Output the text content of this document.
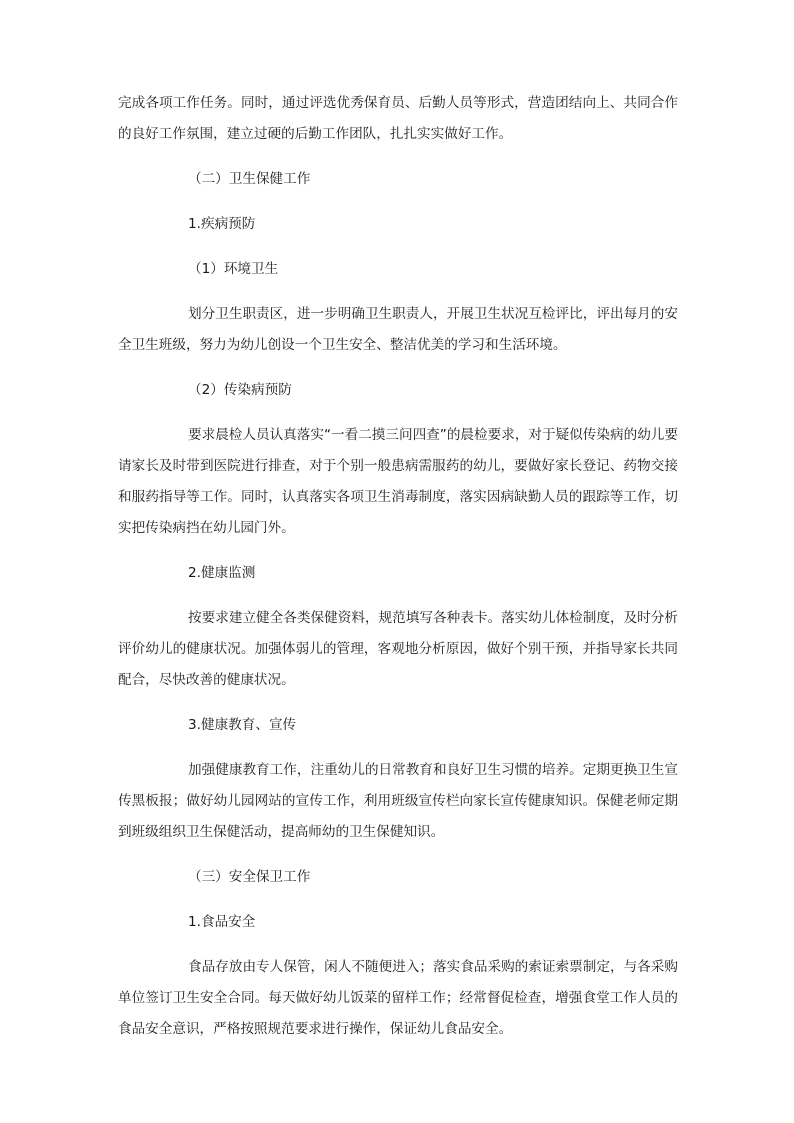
完成各项工作任务。同时，通过评选优秀保育员、后勤人员等形式，营造团结向上、共同合作的良好工作氛围，建立过硬的后勤工作团队，扎扎实实做好工作。

（二）卫生保健工作

1.疾病预防

（1）环境卫生

划分卫生职责区，进一步明确卫生职责人，开展卫生状况互检评比，评出每月的安全卫生班级，努力为幼儿创设一个卫生安全、整洁优美的学习和生活环境。

（2）传染病预防

要求晨检人员认真落实“一看二摸三问四查”的晨检要求，对于疑似传染病的幼儿要请家长及时带到医院进行排查，对于个别一般患病需服药的幼儿，要做好家长登记、药物交接和服药指导等工作。同时，认真落实各项卫生消毒制度，落实因病缺勤人员的跟踪等工作，切实把传染病挡在幼儿园门外。

2.健康监测

按要求建立健全各类保健资料，规范填写各种表卡。落实幼儿体检制度，及时分析评价幼儿的健康状况。加强体弱儿的管理，客观地分析原因，做好个别干预，并指导家长共同配合，尽快改善的健康状况。

3.健康教育、宣传

加强健康教育工作，注重幼儿的日常教育和良好卫生习惯的培养。定期更换卫生宣传黑板报；做好幼儿园网站的宣传工作，利用班级宣传栏向家长宣传健康知识。保健老师定期到班级组织卫生保健活动，提高师幼的卫生保健知识。

（三）安全保卫工作

1.食品安全

食品存放由专人保管，闲人不随便进入；落实食品采购的索证索票制定，与各采购单位签订卫生安全合同。每天做好幼儿饭菜的留样工作；经常督促检查，增强食堂工作人员的食品安全意识，严格按照规范要求进行操作，保证幼儿食品安全。
